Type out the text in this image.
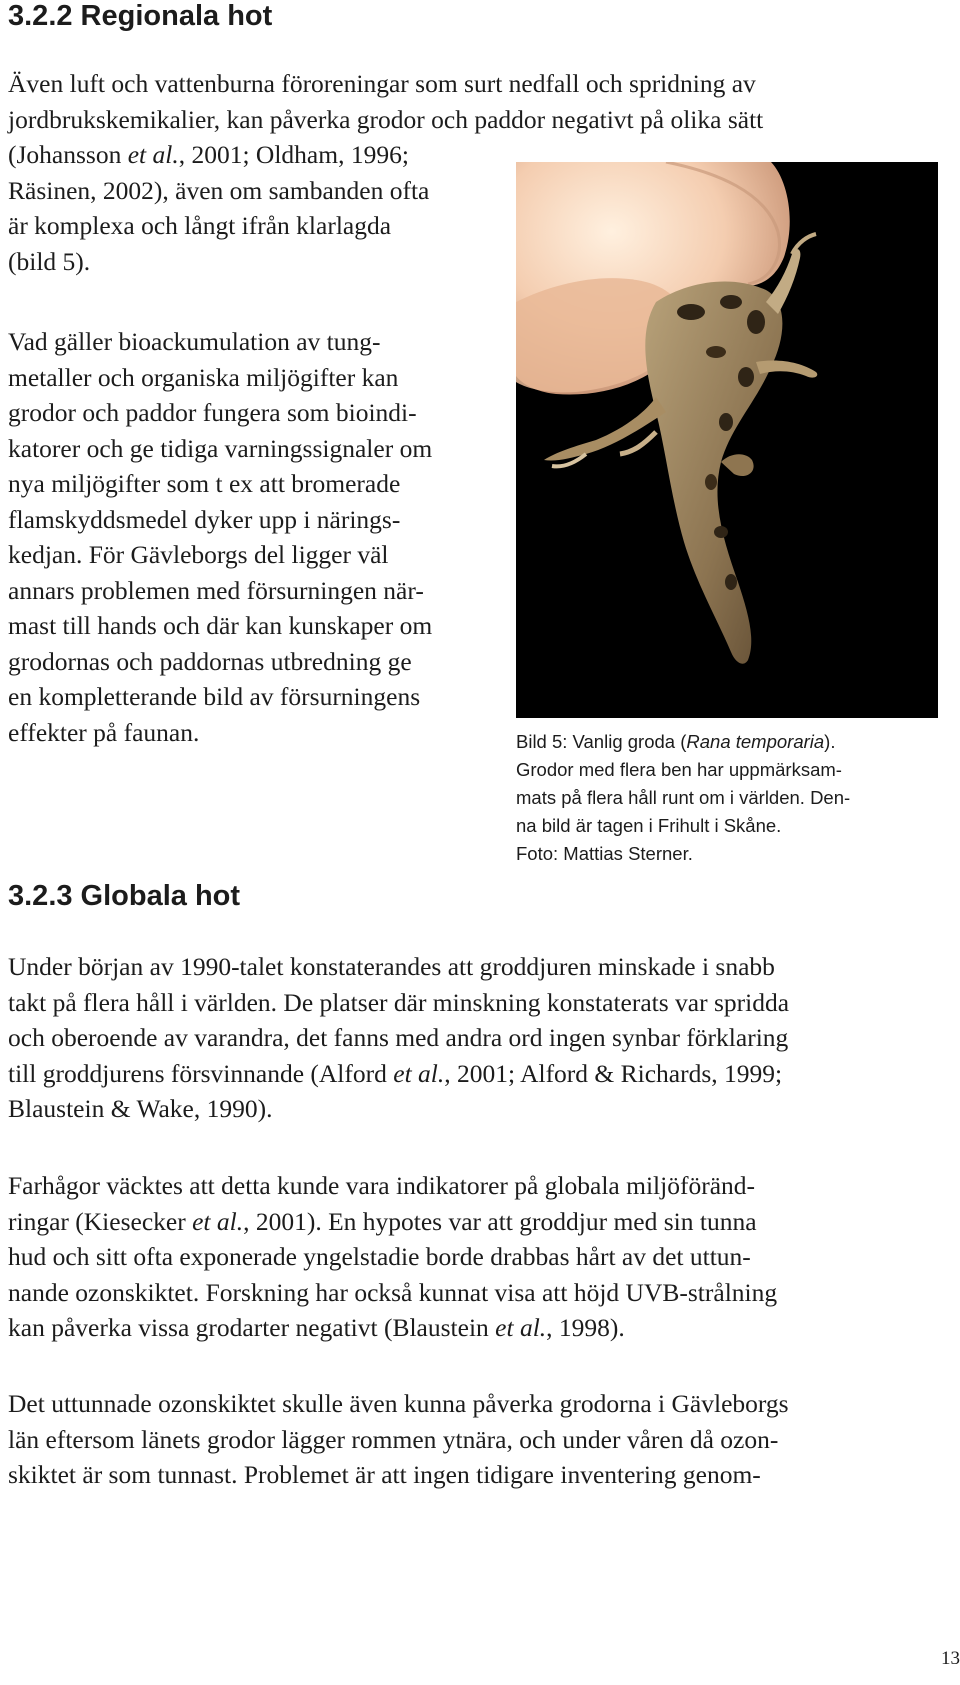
3.2.2 Regionala hot

Även luft och vattenburna föroreningar som surt nedfall och spridning av
jordbrukskemikalier, kan påverka grodor och paddor negativt på olika sätt
(Johansson et al., 2001; Oldham, 1996;
Räsinen, 2002), även om sambanden ofta
är komplexa och långt ifrån klarlagda
(bild 5).

Vad gäller bioackumulation av tung-
metaller och organiska miljögifter kan
grodor och paddor fungera som bioindi-
katorer och ge tidiga varningssignaler om
nya miljögifter som t ex att bromerade
flamskyddsmedel dyker upp i närings-
kedjan. För Gävleborgs del ligger väl
annars problemen med försurningen när-
mast till hands och där kan kunskaper om
grodornas och paddornas utbredning ge
en kompletterande bild av försurningens
effekter på faunan.	Bild 5: Vanlig groda (Rana temporaria).
Grodor med flera ben har uppmärksam-
mats på flera håll runt om i världen. Den-
na bild är tagen i Frihult i Skåne.
Foto: Mattias Sterner.

3.2.3 Globala hot

Under början av 1990-talet konstaterandes att groddjuren minskade i snabb
takt på flera håll i världen. De platser där minskning konstaterats var spridda
och oberoende av varandra, det fanns med andra ord ingen synbar förklaring
till groddjurens försvinnande (Alford et al., 2001; Alford & Richards, 1999;
Blaustein & Wake, 1990).

Farhågor väcktes att detta kunde vara indikatorer på globala miljöföränd-
ringar (Kiesecker et al., 2001). En hypotes var att groddjur med sin tunna
hud och sitt ofta exponerade yngelstadie borde drabbas hårt av det uttun-
nande ozonskiktet. Forskning har också kunnat visa att höjd UVB-strålning
kan påverka vissa grodarter negativt (Blaustein et al., 1998).

Det uttunnade ozonskiktet skulle även kunna påverka grodorna i Gävleborgs
län eftersom länets grodor lägger rommen ytnära, och under våren då ozon-
skiktet är som tunnast. Problemet är att ingen tidigare inventering genom-

13
